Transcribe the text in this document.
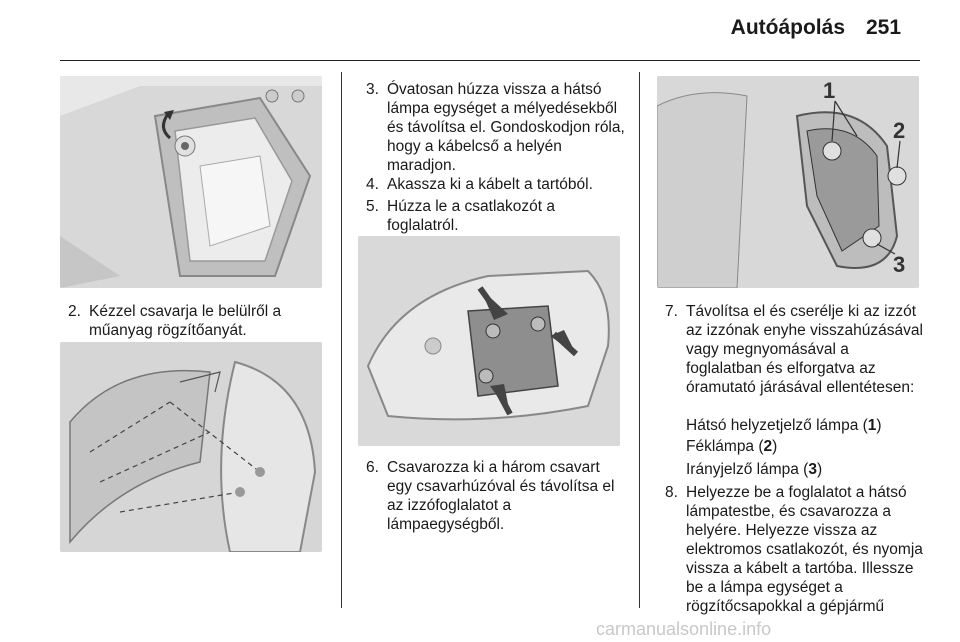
Autóápolás 251
2. Kézzel csavarja le belülről a műanyag rögzítőanyát.
3. Óvatosan húzza vissza a hátsó lámpa egységet a mélyedésekből és távolítsa el. Gondoskodjon róla, hogy a kábelcső a helyén maradjon.
4. Akassza ki a kábelt a tartóból.
5. Húzza le a csatlakozót a foglalatról.
6. Csavarozza ki a három csavart egy csavarhúzóval és távolítsa el az izzófoglalatot a lámpaegységből.
1
2
3
7. Távolítsa el és cserélje ki az izzót az izzónak enyhe visszahúzásával vagy megnyomásával a foglalatban és elforgatva az óramutató járásával ellentétesen:
Hátsó helyzetjelző lámpa (1)
Féklámpa (2)
Irányjelző lámpa (3)
8. Helyezze be a foglalatot a hátsó lámpatestbe, és csavarozza a helyére. Helyezze vissza az elektromos csatlakozót, és nyomja vissza a kábelt a tartóba. Illessze be a lámpa egységet a rögzítőcsapokkal a gépjármű
carmanualsonline.info
